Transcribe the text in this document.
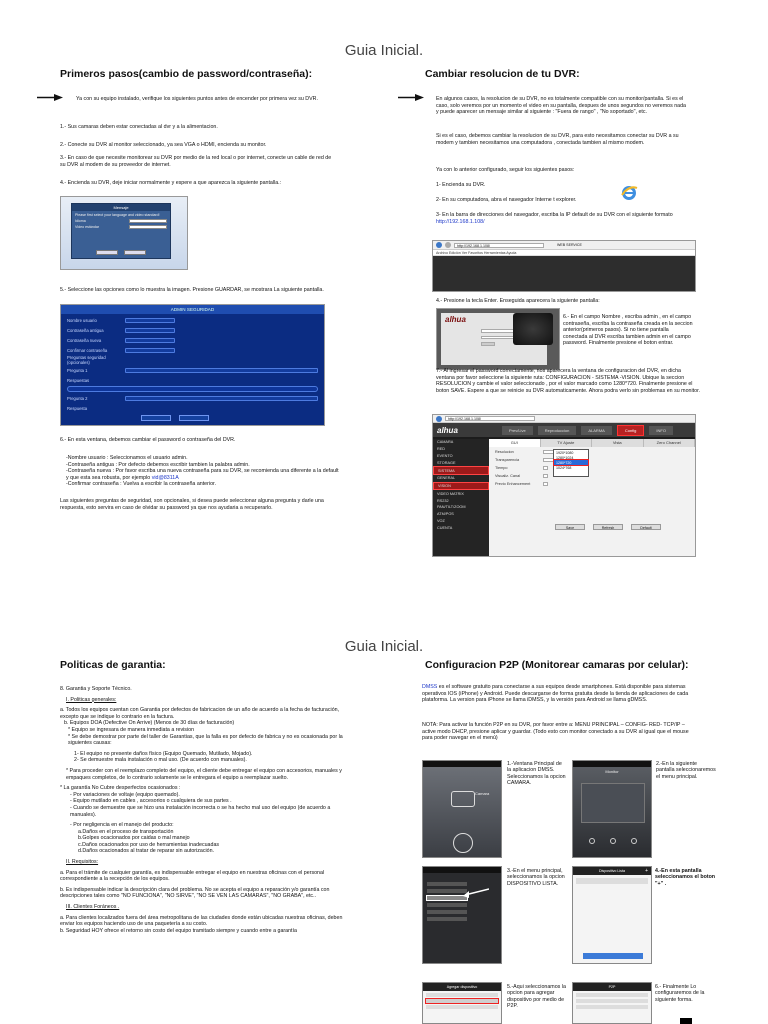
Guia Inicial.
Primeros pasos(cambio de password/contraseña):
Ya con su equipo instalado, verifique los siguientes puntos antes de encender por primera vez su DVR.
1.- Sus camaras deben estar conectadas al dvr y a la alimentacion.
2.- Conecte su DVR al monitor seleccionado, ya sea VGA o HDMI, encienda su monitor.
3.- En caso de que necesite monitorear su DVR por medio de la red local o por internet, conecte un cable de red de su DVR al modem de su proveedor de internet.
4.- Encienda su DVR, deje iniciar normalmente y espere a que aparezca la siguiente pantalla.:
Mensaje
Please first select your language and video standard!
Idioma
Video estándar
5.- Seleccione las opciones como lo muestra la imagen. Presione GUARDAR, se mostrara La siguiente pantalla.
ADMIN SEGURIDAD
Nombre usuario
Contraseña antigua
Contraseña nueva
Confirmar contraseña
Preguntas seguridad (opcionales)
Pregunta 1
Respuestas
Pregunta 2
Respuesta
6.- En esta ventana, debemos cambiar el password o contraseña del DVR.
-Nombre usuario : Seleccionamos el usuario admin.
-Contraseña antigua : Por defecto debemos escribir tambien la palabra admin.
-Contraseña nueva : Por favor escriba una nueva contraseña para su DVR, se recomienda una diferente a la default y que esta sea robusta, por ejemplo vid@8311A
-Confirmar contraseña : Vuelva a escribir la contraseña anterior.
Las siguientes preguntas de seguridad, son opcionales, si desea puede seleccionar alguna pregunta y darle una respuesta, esto servira en caso de olvidar su password ya que nos ayudaria a recuperarlo.
Cambiar resolucion de tu DVR:
En algunos casos, la resolucion de su DVR, no es totalmente compatible con su monitor/pantalla. Si es el caso, solo veremos por un momento el video en su pantalla, despues de unos segundos no veremos nada y puede aparecer un mensaje similar al siguiente : "Fuera de rango" , "No soportado", etc.
Si es el caso, debemos cambiar la resolucion de su DVR, para esto necesitamos conectar su DVR a su modem y tambien necesitamos una computadora , conectada tambien al mismo modem.
Ya con lo anterior configurado, seguir los siguientes pasos:
1- Encienda su DVR.
2- En su computadora, abra el navegador Interne t explorer.
3- En la barra de direcciones del navegador, escriba la IP default de su DVR con el siguiente formato http://192.168.1.108/
http://192.168.1.108/	WEB SERVICE
Archivo Edición Ver Favoritos Herramientas Ayuda
4.- Presione la tecla Enter. Enseguida aparecera la siguiente pantalla:
alhua	6.- En el campo Nombre , escriba admin , en el campo contraseña, escriba la contraseña creada en la seccion anterior(primeros pasos). Si no tiene pantalla conectada al DVR escriba tambien admin en el campo password. Finalmente presione el boton entrar.
7.- Al ingresar el password correctamente, nos aparecera la ventana de configuracion del DVR, en dicha ventana por favor seleccione la siguiente ruta: CONFIGURACION - SISTEMA -VISION. Ubique la seccion RESOLUCION y cambie el valor seleccionado , por el valor marcado como 1280*720. Finalmente presione el boton SAVE. Espere a que se reinicie su DVR automaticamente. Ahora podra verlo sin problemas en su monitor.
http://192.168.1.108/
alhua	Prev/Live	Reproduccion	ALARMA	Config	INFO
CAMARA
RED
EVENTO
STORAGE
SISTEMA
GENERAL
VISION
VIDEO MATRIX
RS232
PAN/TILT/ZOOM
ATM/POS
VOZ
CUENTA
GUI	TV Ajuste	Vista	Zero Channel
Resolucion
Transparencia
Tiempo
Visualiz. Canal
Previo Enhancement
Save	Refresh	Default
1920*1080
1280*1024
1280*720
1024*768
Guia Inicial.
Politicas de garantia:

8. Garantia y Soporte Técnico.

I. Politicas generales:

a. Todos los equipos cuentan con Garantia por defectos de fabricacion de un año de acuerdo a la fecha de facturación, excepto que se indique lo contrario en la factura.

b. Equipos DOA (Defective On Arrive) (Menos de 30 días de facturación)
* Equipo se ingresara de manera inmediata a revision

* Se debe demostrar por parte del taller de Garantias, que la falla es por defecto de fabrica y no es ocasionada por la siguientes causas:

1- El equipo no presente daños físico (Equipo Quemado, Mutilado, Mojado).

2- Se demuestre mala instalación o mal uso. (De acuerdo con manuales).

* Para proceder con el reemplazo completo del equipo, el cliente debe entregar el equipo con accesorios, manuales y empaques completos, de lo contrario solamente se le entregara el equipo a reemplazar suelto.

* La garantía No Cubre desperfectos ocasionados :
- Por variaciones de voltaje (equipo quemado).
- Equipo mutilado en cables , accesorios o cualquiera de sus partes .

- Cuando se demuestre que se hizo una instalación incorrecta o se ha hecho mal uso del equipo (de acuerdo a manuales).

- Por negligencia en el manejo del producto:
a.Daños en el proceso de transportación
b.Golpes ocacionados por caidas o mal manejo
c.Daños ocacionados por uso de herramientas inadecuadas

d.Daños ocacionados al tratar de reparar sin autorización.

II. Requisitos:

a. Para el trámite de cualquier garantía, es indispensable entregar el equipo en nuestras oficinas con el personal correspondiente a la recepción de los equipos.

b. Es indispensable indicar la descripción clara del problema. No se acepta el equipo a reparación y/o garantía con descripciones tales como "NO FUNCIONA", "NO SIRVE", "NO SE VEN LAS CAMARAS", "NO GRABA", etc..

III. Clientes Foráneos .

a. Para clientes localizados fuera del área metropolitana de las ciudades donde están ubicadas nuestras oficinas, deben enviar los equipos haciendo uso de una paquetería a su costo.
b. Seguridad HOY ofrece el retorno sin costo del equipo tramitado siempre y cuando entre a garantía
Configuracion P2P (Monitorear camaras por celular):
DMSS es el software gratuito para conectarse a sus equipos desde smartphones. Está disponible para sistemas operativos IOS (iPhone) y Android. Puede descargarse de forma gratuita desde la tienda de aplicaciones de cada plataforma. La version para iPhone se llama iDMSS, y la versión para Android se llama gDMSS.
NOTA: Para activar la función P2P en su DVR, por favor entre a: MENU PRINCIPAL – CONFIG- RED- TCP/IP – active modo DHCP, presione aplicar y guardar. (Todo esto con monitor conectado a su DVR al igual que el mouse para poder navegar en el menú)
Camara
1.-Ventana Principal de la aplicacion DMSS. Seleccionamos la opcion CAMARA.
Monitor
2.-En la siguiente pantalla seleccionaremos el menu principal.
3.-En el menu principal, seleccionamos la opcion DISPOSITIVO LISTA.
Dispositivo Lista	+ 4.-En esta pantalla seleccionamos el boton "+" .
Agregar dispositivo	5.-Aqui seleccionamos la opcion para agregar dispositivo por medio de P2P.
P2P	6.- Finalmente Lo configuraremos de la siguiente forma.
